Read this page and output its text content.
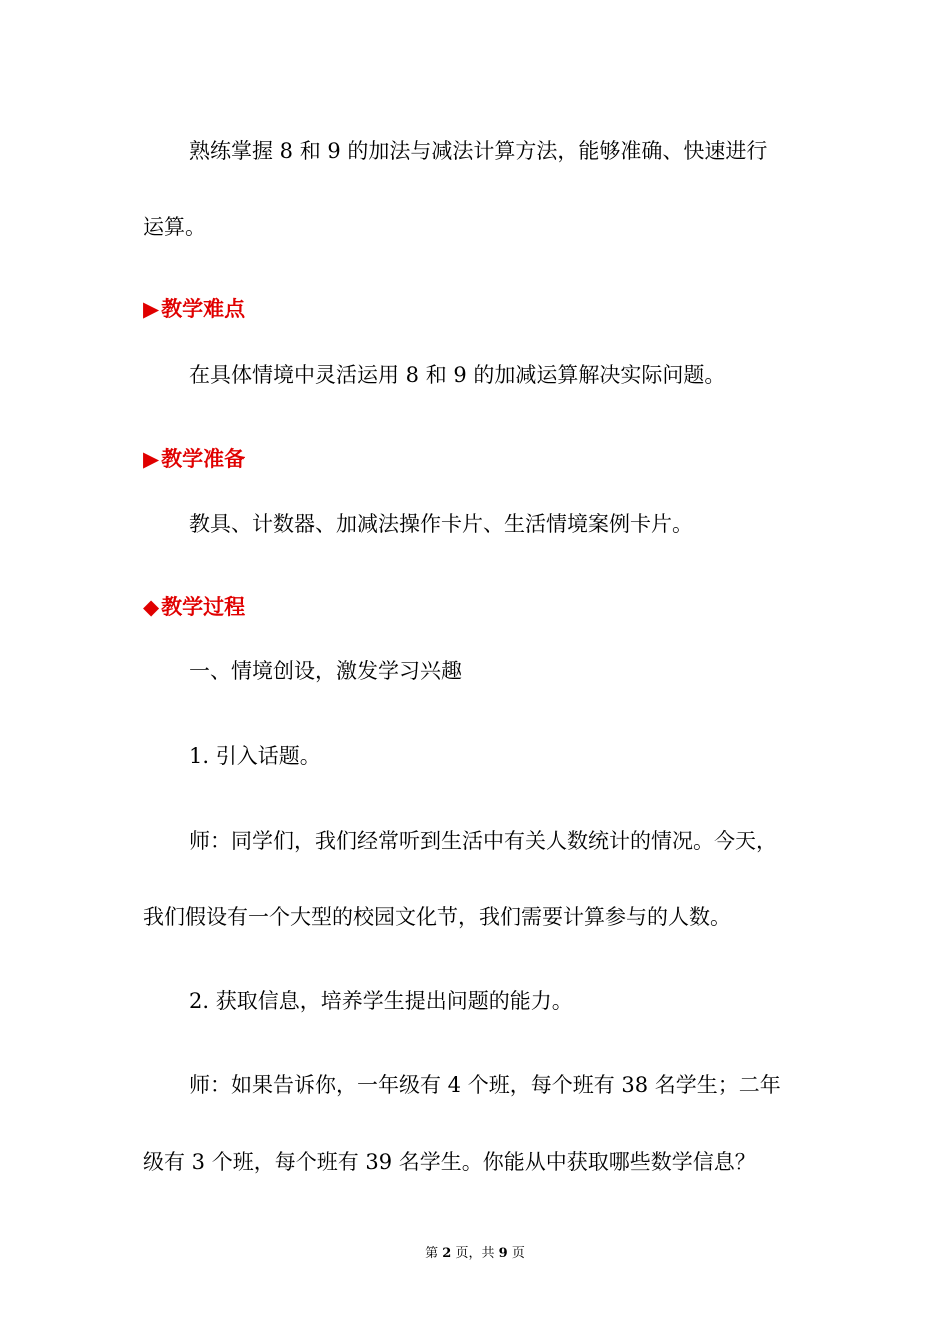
熟练掌握 8 和 9 的加法与减法计算方法，能够准确、快速进行
运算。
▶教学难点
在具体情境中灵活运用 8 和 9 的加减运算解决实际问题。
▶教学准备
教具、计数器、加减法操作卡片、生活情境案例卡片。
◆教学过程
一、情境创设，激发学习兴趣
1. 引入话题。
师：同学们，我们经常听到生活中有关人数统计的情况。今天，
我们假设有一个大型的校园文化节，我们需要计算参与的人数。
2. 获取信息，培养学生提出问题的能力。
师：如果告诉你，一年级有 4 个班，每个班有 38 名学生；二年
级有 3 个班，每个班有 39 名学生。你能从中获取哪些数学信息？
第 2 页，共 9 页
